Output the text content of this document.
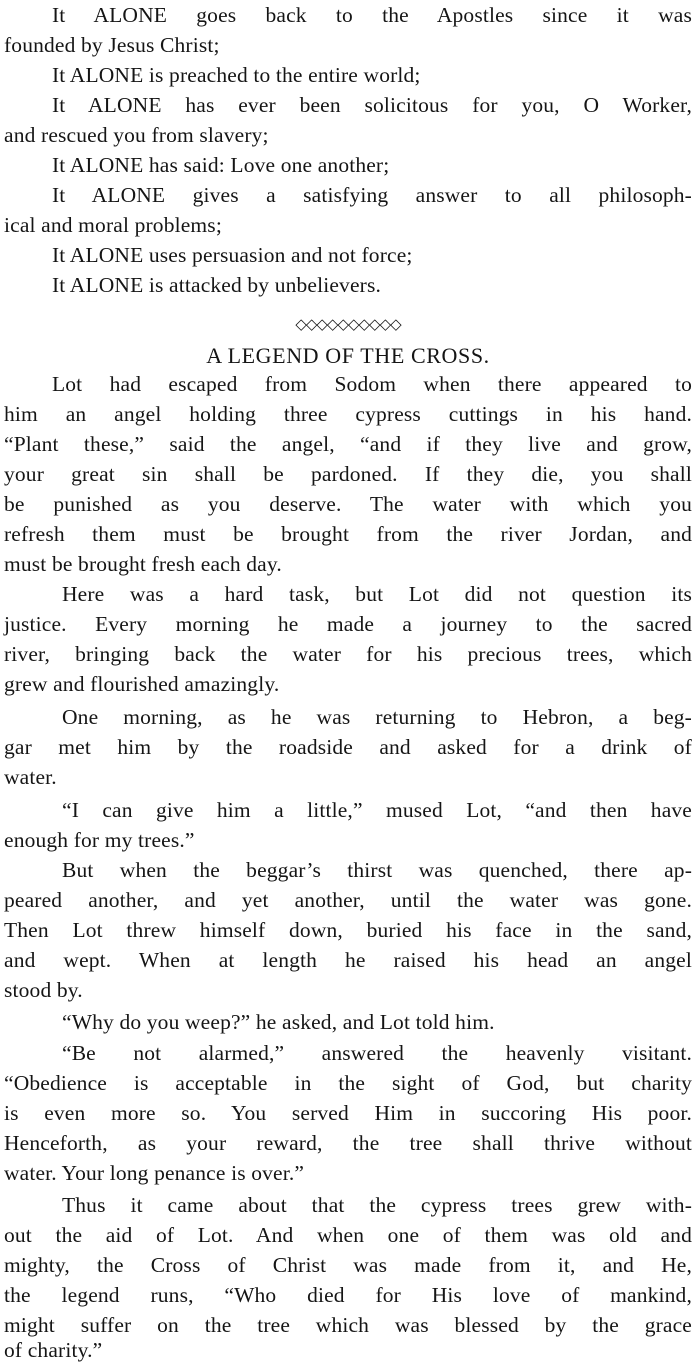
It ALONE goes back to the Apostles since it was
founded by Jesus Christ;
It ALONE is preached to the entire world;
It ALONE has ever been solicitous for you, O Worker,
and rescued you from slavery;
It ALONE has said: Love one another;
It ALONE gives a satisfying answer to all philosoph-
ical and moral problems;
It ALONE uses persuasion and not force;
It ALONE is attacked by unbelievers.
◇◇◇◇◇◇◇◇◇◇
A LEGEND OF THE CROSS.
Lot had escaped from Sodom when there appeared to
him an angel holding three cypress cuttings in his hand.
“Plant these,” said the angel, “and if they live and grow,
your great sin shall be pardoned. If they die, you shall
be punished as you deserve. The water with which you
refresh them must be brought from the river Jordan, and
must be brought fresh each day.
Here was a hard task, but Lot did not question its
justice. Every morning he made a journey to the sacred
river, bringing back the water for his precious trees, which
grew and flourished amazingly.
One morning, as he was returning to Hebron, a beg-
gar met him by the roadside and asked for a drink of
water.
“I can give him a little,” mused Lot, “and then have
enough for my trees.”
But when the beggar’s thirst was quenched, there ap-
peared another, and yet another, until the water was gone.
Then Lot threw himself down, buried his face in the sand,
and wept. When at length he raised his head an angel
stood by.
“Why do you weep?” he asked, and Lot told him.
“Be not alarmed,” answered the heavenly visitant.
“Obedience is acceptable in the sight of God, but charity
is even more so. You served Him in succoring His poor.
Henceforth, as your reward, the tree shall thrive without
water. Your long penance is over.”
Thus it came about that the cypress trees grew with-
out the aid of Lot. And when one of them was old and
mighty, the Cross of Christ was made from it, and He,
the legend runs, “Who died for His love of mankind,
might suffer on the tree which was blessed by the grace
of charity.”
